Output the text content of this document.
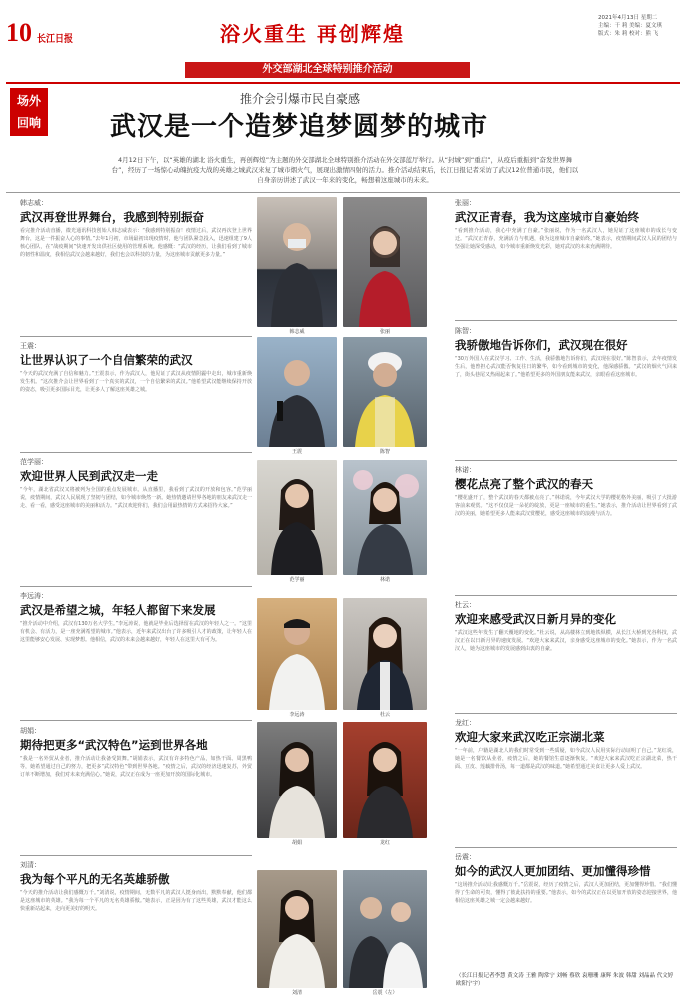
10 长江日报	浴火重生 再创辉煌
外交部湖北全球特别推介活动
2021年4月13日 星期二
主编：干 莉 美编：夏文琪
版式：朱 莉 校对：熊 飞
场外
回响
推介会引爆市民自豪感
武汉是一个造梦追梦圆梦的城市
4月12日下午，以“英雄的湖北 浴火重生，再创辉煌”为主题的外交部湖北全球特别推介活动在外交部蓝厅举行。从“封城”到“重启”，从疫后重振到“奋发世界舞台”，经历了一场惊心动魄抗疫大战的英雄之城武汉来复了城市烟火气，展现出激情四射的活力。推介活动结束后，长江日报记者采访了武汉12位普通市民，他们以自身亲历讲述了武汉一年来的变化，畅想着这座城市的未来。
韩志威：
武汉再登世界舞台，我感到特别振奋
看完推介活动直播，微光通讯科技创始人韩志威表示：“我感到特别振奋！疫情过后，武汉再次登上世界舞台，这是一件振奋人心的事情。”去年1月初，市场最初出现疫情时，他与团队紧急投入，迅速组建了9人核心团队，在“战疫期间”快速开发出供社区使用的管理系统。他感慨：“武汉的经历，让我们看到了城市的韧性和温度，我相信武汉会越来越好，我们也会以科技的力量，为这座城市贡献更多力量。”
王震：
让世界认识了一个自信繁荣的武汉
“今天的武汉充满了自信和魅力。”王震表示，作为武汉人，他见证了武汉从疫情阴霾中走出，城市重新焕发生机。“这次推介会让世界看到了一个真实的武汉，一个自信繁荣的武汉。”他希望武汉能继续保持开放的姿态，吸引更多国际目光，让更多人了解这座英雄之城。
范学丽：
欢迎世界人民到武汉走一走
“今年，湖北省武汉又将被列为全国的重点发展城市。从直播里，我看到了武汉的开放和包容。”范学丽说，疫情期间，武汉人民展现了坚韧与团结，如今城市焕然一新。她热情邀请世界各地的朋友来武汉走一走、看一看，感受这座城市的美丽和活力。“武汉欢迎你们，我们会用最热情的方式来招待大家。”
李远涛：
武汉是希望之城，年轻人都留下来发展
“推介活动中介绍，武汉有130万名大学生。”李远涛说，他就是毕业后选择留在武汉的年轻人之一。“这里有机会、有活力，是一座充满希望的城市。”他表示，近年来武汉出台了许多吸引人才的政策，让年轻人在这里能够安心发展、实现梦想。他相信，武汉的未来会越来越好，年轻人在这里大有可为。
胡娟：
期待把更多“武汉特色”运到世界各地
“我是一名外贸从业者，推介活动让我备受鼓舞。”胡娟表示，武汉有许多特色产品，如热干面、周黑鸭等，她希望通过自己的努力，把更多“武汉特色”带到世界各地。“疫情之后，武汉的经济迅速复苏，外贸订单不断增加，我们对未来充满信心。”她说，武汉正在成为一座更加开放的国际化城市。
刘清：
我为每个平凡的无名英雄骄傲
“今天的推介活动让我们感慨万千。”刘清说，疫情期间，无数平凡的武汉人挺身而出，默默奉献，他们都是这座城市的英雄。“我为每一个平凡的无名英雄骄傲。”她表示，正是因为有了这些英雄，武汉才能这么快重新站起来，走向更美好的明天。
韩志威	张丽
王震	陈智
范学丽	林诺
李远涛	杜云
胡娟	龙红
刘清	岳震（左）
张丽：
武汉正青春，我为这座城市自豪始终
“看到推介活动，我心中充满了自豪。”张丽说，作为一名武汉人，她见证了这座城市的成长与变迁。“武汉正青春，充满活力与机遇，我为这座城市自豪始终。”她表示，疫情期间武汉人民的团结与坚强让她深受感动，如今城市重新焕发光彩，她对武汉的未来充满期待。
陈智：
我骄傲地告诉你们，武汉现在很好
“30万外国人在武汉学习、工作、生活，我骄傲地告诉你们，武汉现在很好。”陈智表示，去年疫情发生后，他曾担心武汉能否恢复往日的繁华，如今看到城市的变化，他深感骄傲。“武汉的烟火气回来了，街头巷尾又热闹起来了。”他希望更多的外国朋友能来武汉，亲眼看看这座城市。
林诺：
樱花点亮了整个武汉的春天
“樱花盛开了，整个武汉的春天都被点亮了。”林诺说，今年武汉大学的樱花格外美丽，吸引了大批游客前来观赏。“这不仅仅是一朵花的绽放，更是一座城市的重生。”她表示，推介活动让世界看到了武汉的美丽，她希望更多人能来武汉赏樱花，感受这座城市的浪漫与活力。
杜云：
欢迎来感受武汉日新月异的变化
“武汉这些年发生了翻天覆地的变化。”杜云说，从高楼林立到地铁纵横，从长江大桥到光谷科技，武汉正在以日新月异的速度发展。“欢迎大家来武汉，亲身感受这座城市的变化。”她表示，作为一名武汉人，她为这座城市的发展感到由衷的自豪。
龙红：
欢迎大家来武汉吃正宗湖北菜
“一年前，户籍是湖北人的我们时常受到一些质疑，如今武汉人民用实际行动证明了自己。”龙红说，她是一名餐饮从业者，疫情之后，她的餐馆生意逐渐恢复。“欢迎大家来武汉吃正宗湖北菜，热干面、豆皮、莲藕排骨汤，每一道都是武汉的味道。”她希望通过美食让更多人爱上武汉。
岳震：
如今的武汉人更加团结、更加懂得珍惜
“这场推介活动让我感慨万千。”岳震说，经历了疫情之后，武汉人更加团结，更加懂得珍惜。“我们懂得了生命的可贵，懂得了彼此扶持的重要。”他表示，如今的武汉正在以更加开放的姿态迎接世界，他相信这座英雄之城一定会越来越好。
（长江日报记者李慧 黄文涛 王雅 陶常宁 刘畅 蔡欣 袁珊珊 康辉 朱波 韩甜 刘晶晶 代文婷 欧阳宁宇）
